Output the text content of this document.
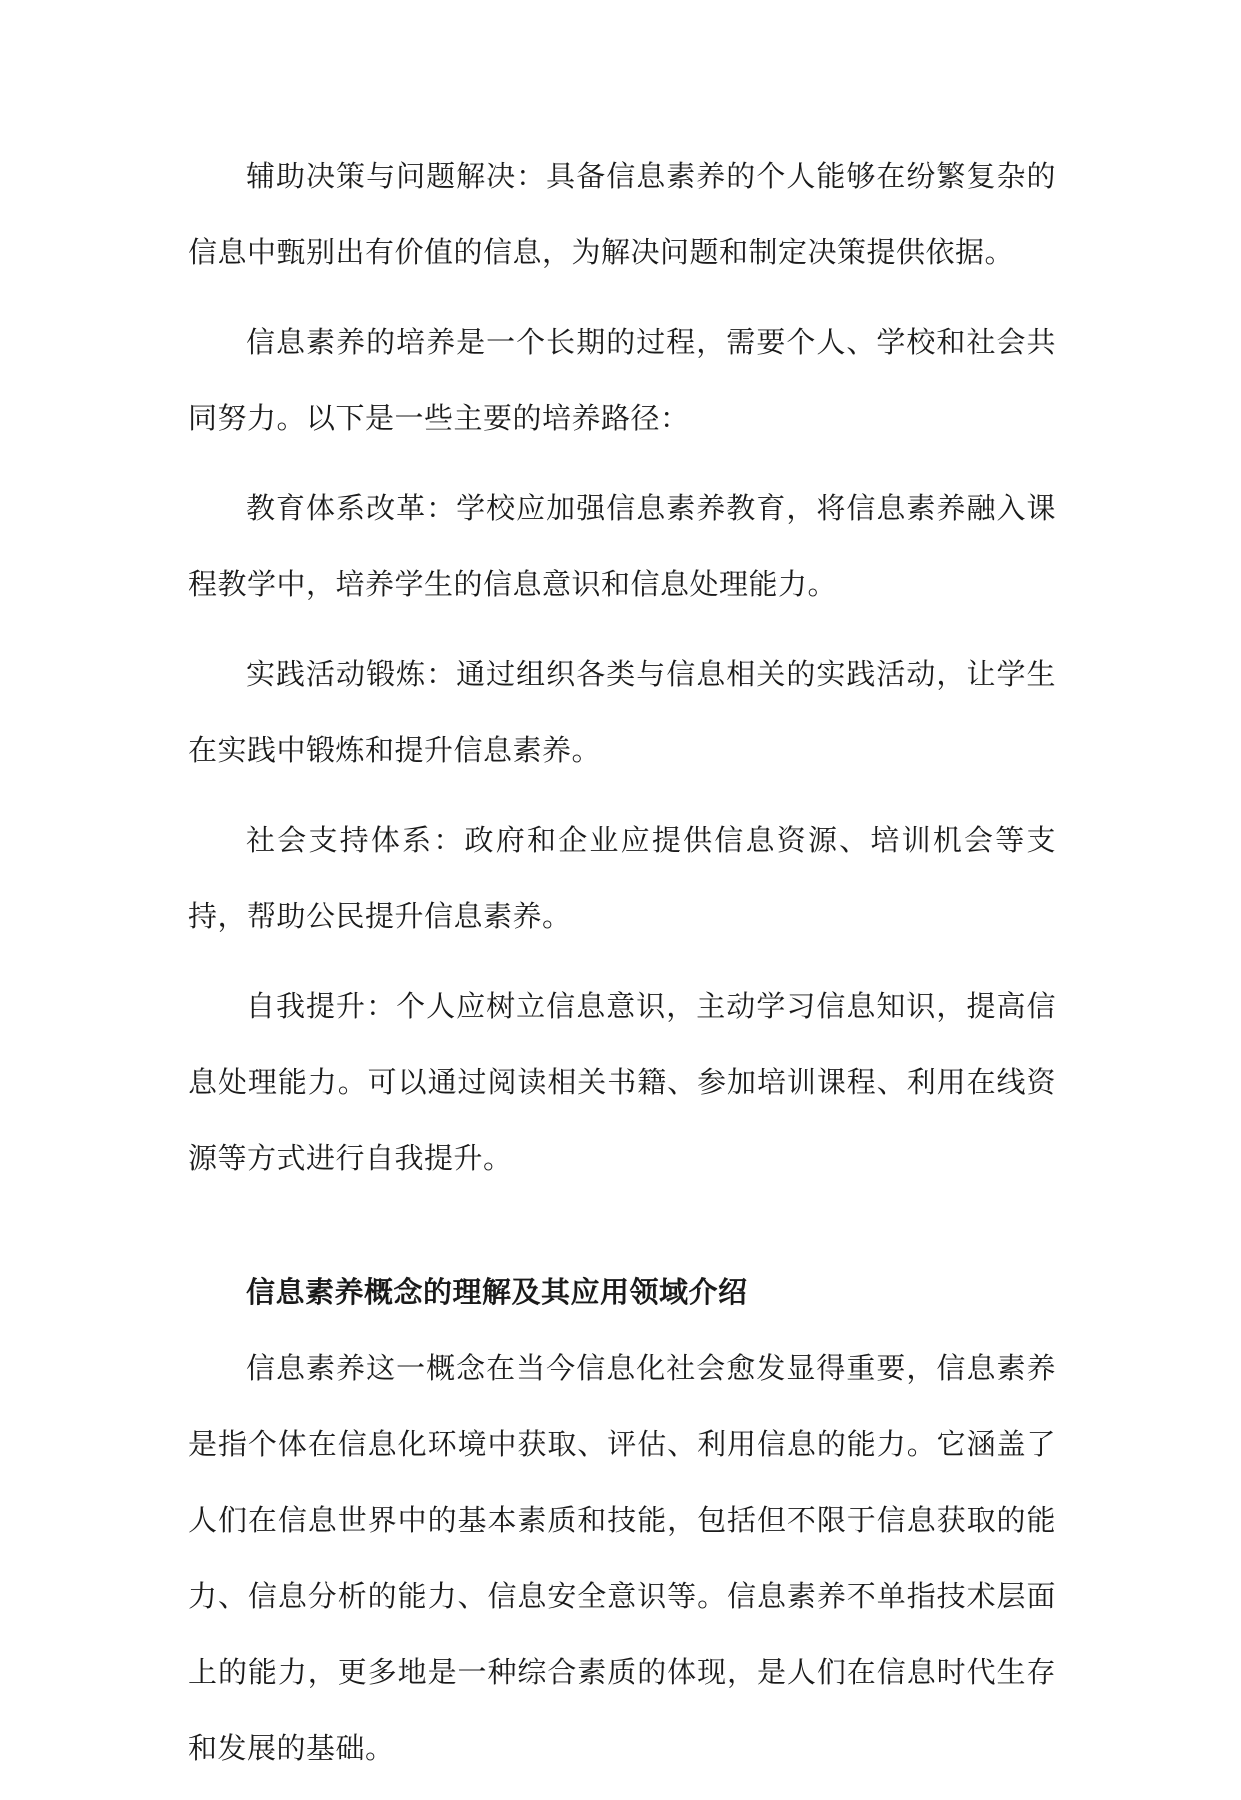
辅助决策与问题解决：具备信息素养的个人能够在纷繁复杂的信息中甄别出有价值的信息，为解决问题和制定决策提供依据。

信息素养的培养是一个长期的过程，需要个人、学校和社会共同努力。以下是一些主要的培养路径：

教育体系改革：学校应加强信息素养教育，将信息素养融入课程教学中，培养学生的信息意识和信息处理能力。

实践活动锻炼：通过组织各类与信息相关的实践活动，让学生在实践中锻炼和提升信息素养。

社会支持体系：政府和企业应提供信息资源、培训机会等支持，帮助公民提升信息素养。

自我提升：个人应树立信息意识，主动学习信息知识，提高信息处理能力。可以通过阅读相关书籍、参加培训课程、利用在线资源等方式进行自我提升。

信息素养概念的理解及其应用领域介绍

信息素养这一概念在当今信息化社会愈发显得重要，信息素养是指个体在信息化环境中获取、评估、利用信息的能力。它涵盖了人们在信息世界中的基本素质和技能，包括但不限于信息获取的能力、信息分析的能力、信息安全意识等。信息素养不单指技术层面上的能力，更多地是一种综合素质的体现，是人们在信息时代生存和发展的基础。
